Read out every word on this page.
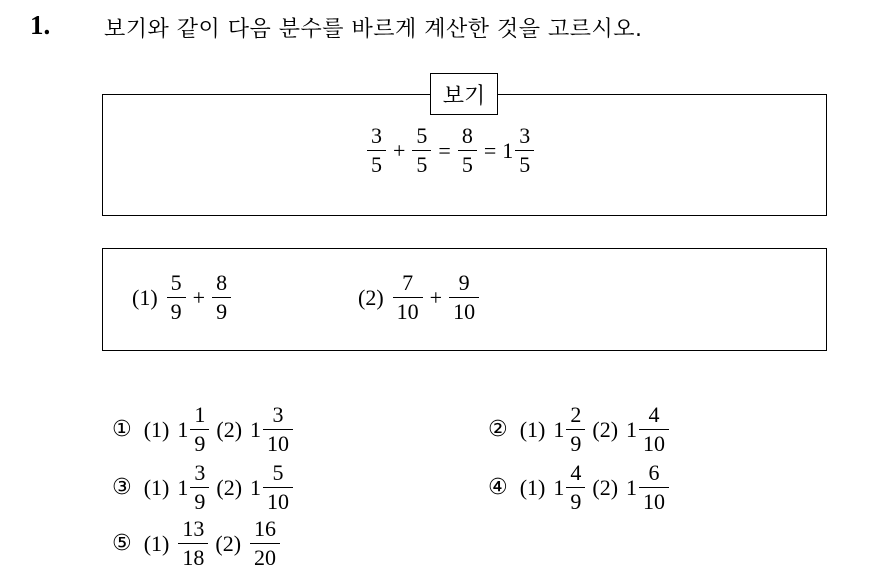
1. 보기와 같이 다음 분수를 바르게 계산한 것을 고르시오.
보기
$\frac{3}{5} + \frac{5}{5} = \frac{8}{5} = 1 \frac{3}{5}$
$(1) \frac{5}{9} + \frac{8}{9}$	$(2) \frac{7}{10} + \frac{9}{10}$
① (1) $1 \frac{1}{9} (2)$ $1 \frac{3}{10}$	② (1) $1 \frac{2}{9} (2)$ $1 \frac{4}{10}$
③ (1) $1 \frac{3}{9} (2)$ $1 \frac{5}{10}$	④ (1) $1 \frac{4}{9} (2)$ $1 \frac{6}{10}$
⑤ $(1) \frac{13}{18} (2) \frac{16}{20}$
